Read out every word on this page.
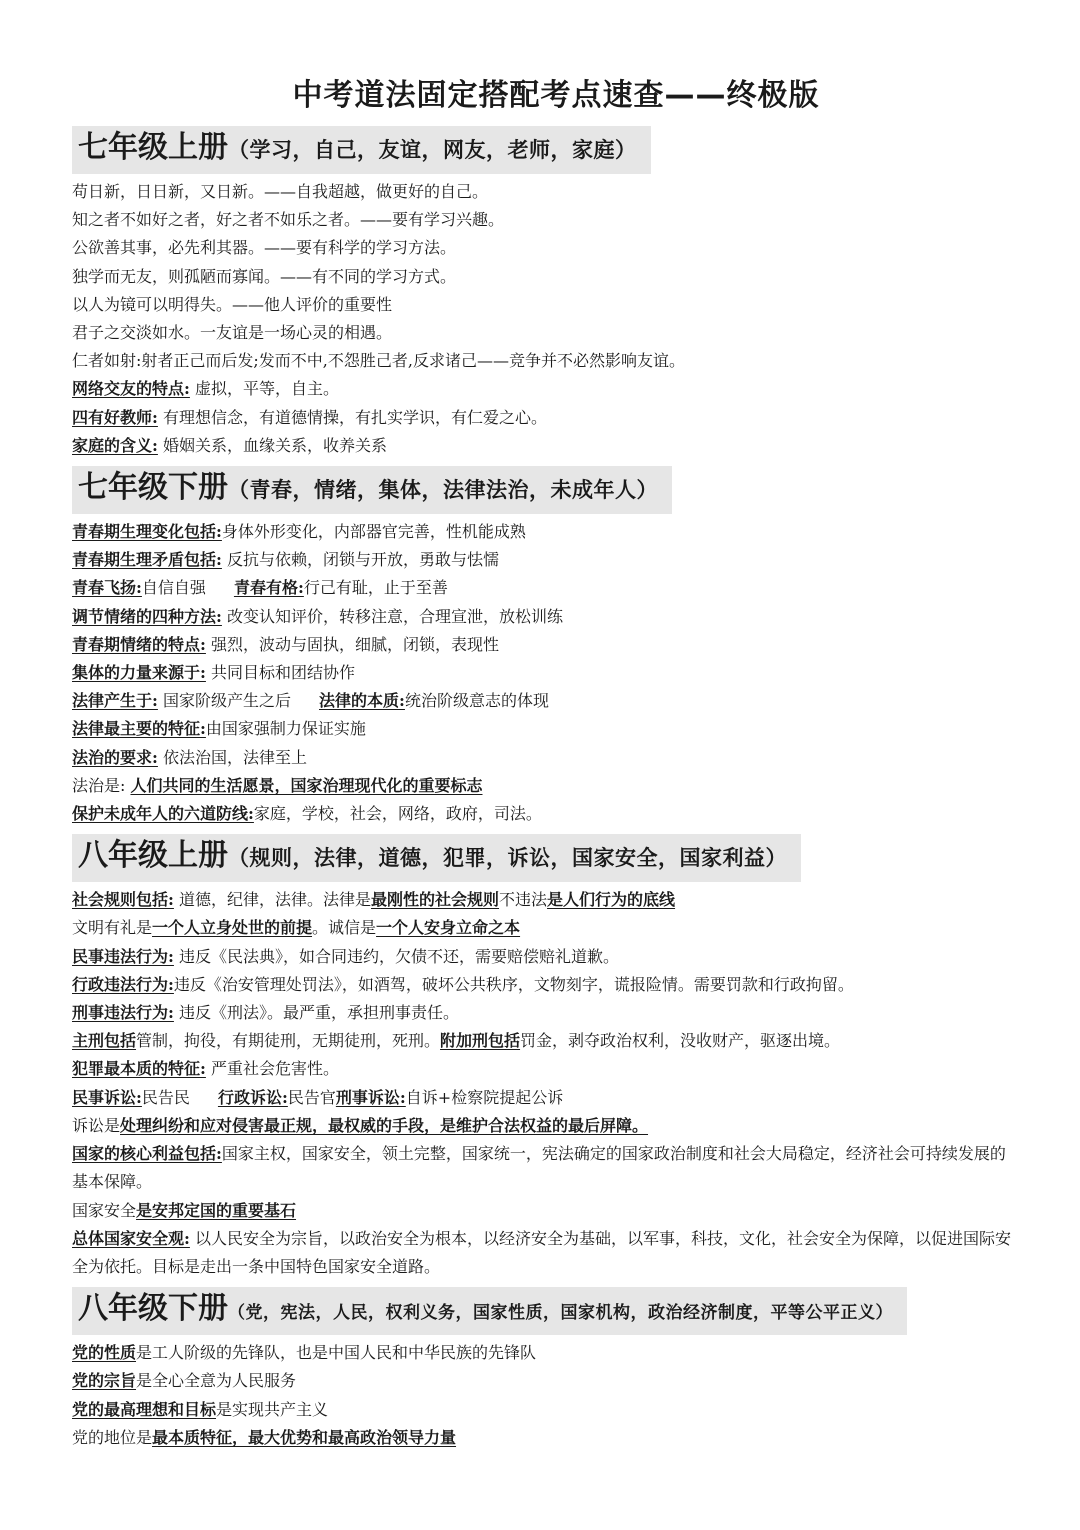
中考道法固定搭配考点速查——终极版
七年级上册（学习，自己，友谊，网友，老师，家庭）
苟日新，日日新，又日新。——自我超越，做更好的自己。
知之者不如好之者，好之者不如乐之者。——要有学习兴趣。
公欲善其事，必先利其器。——要有科学的学习方法。
独学而无友，则孤陋而寡闻。——有不同的学习方式。
以人为镜可以明得失。——他人评价的重要性
君子之交淡如水。一友谊是一场心灵的相遇。
仁者如射:射者正己而后发;发而不中,不怨胜己者,反求诸己——竞争并不必然影响友谊。
网络交友的特点: 虚拟，平等，自主。
四有好教师: 有理想信念，有道德情操，有扎实学识，有仁爱之心。
家庭的含义: 婚姻关系，血缘关系，收养关系
七年级下册（青春，情绪，集体，法律法治，未成年人）
青春期生理变化包括:身体外形变化，内部器官完善，性机能成熟
青春期生理矛盾包括: 反抗与依赖，闭锁与开放，勇敢与怯懦
青春飞扬:自信自强 青春有格:行己有耻，止于至善
调节情绪的四种方法: 改变认知评价，转移注意，合理宣泄，放松训练
青春期情绪的特点: 强烈，波动与固执，细腻，闭锁，表现性
集体的力量来源于: 共同目标和团结协作
法律产生于: 国家阶级产生之后 法律的本质:统治阶级意志的体现
法律最主要的特征:由国家强制力保证实施
法治的要求: 依法治国，法律至上
法治是: 人们共同的生活愿景，国家治理现代化的重要标志
保护未成年人的六道防线:家庭，学校，社会，网络，政府，司法。
八年级上册（规则，法律，道德，犯罪，诉讼，国家安全，国家利益）
社会规则包括: 道德，纪律，法律。法律是最刚性的社会规则不违法是人们行为的底线
文明有礼是一个人立身处世的前提。诚信是一个人安身立命之本
民事违法行为: 违反《民法典》，如合同违约，欠债不还，需要赔偿赔礼道歉。
行政违法行为:违反《治安管理处罚法》，如酒驾，破坏公共秩序，文物刻字，谎报险情。需要罚款和行政拘留。
刑事违法行为: 违反《刑法》。最严重，承担刑事责任。
主刑包括管制，拘役，有期徒刑，无期徒刑，死刑。附加刑包括罚金，剥夺政治权利，没收财产，驱逐出境。
犯罪最本质的特征: 严重社会危害性。
民事诉讼:民告民 行政诉讼:民告官刑事诉讼:自诉+检察院提起公诉
诉讼是处理纠纷和应对侵害最正规，最权威的手段，是维护合法权益的最后屏障。
国家的核心利益包括:国家主权，国家安全，领土完整，国家统一，宪法确定的国家政治制度和社会大局稳定，经济社会可持续发展的基本保障。
国家安全是安邦定国的重要基石
总体国家安全观: 以人民安全为宗旨，以政治安全为根本，以经济安全为基础，以军事，科技，文化，社会安全为保障，以促进国际安全为依托。目标是走出一条中国特色国家安全道路。
八年级下册（党，宪法，人民，权利义务，国家性质，国家机构，政治经济制度，平等公平正义）
党的性质是工人阶级的先锋队，也是中国人民和中华民族的先锋队
党的宗旨是全心全意为人民服务
党的最高理想和目标是实现共产主义
党的地位是最本质特征，最大优势和最高政治领导力量
